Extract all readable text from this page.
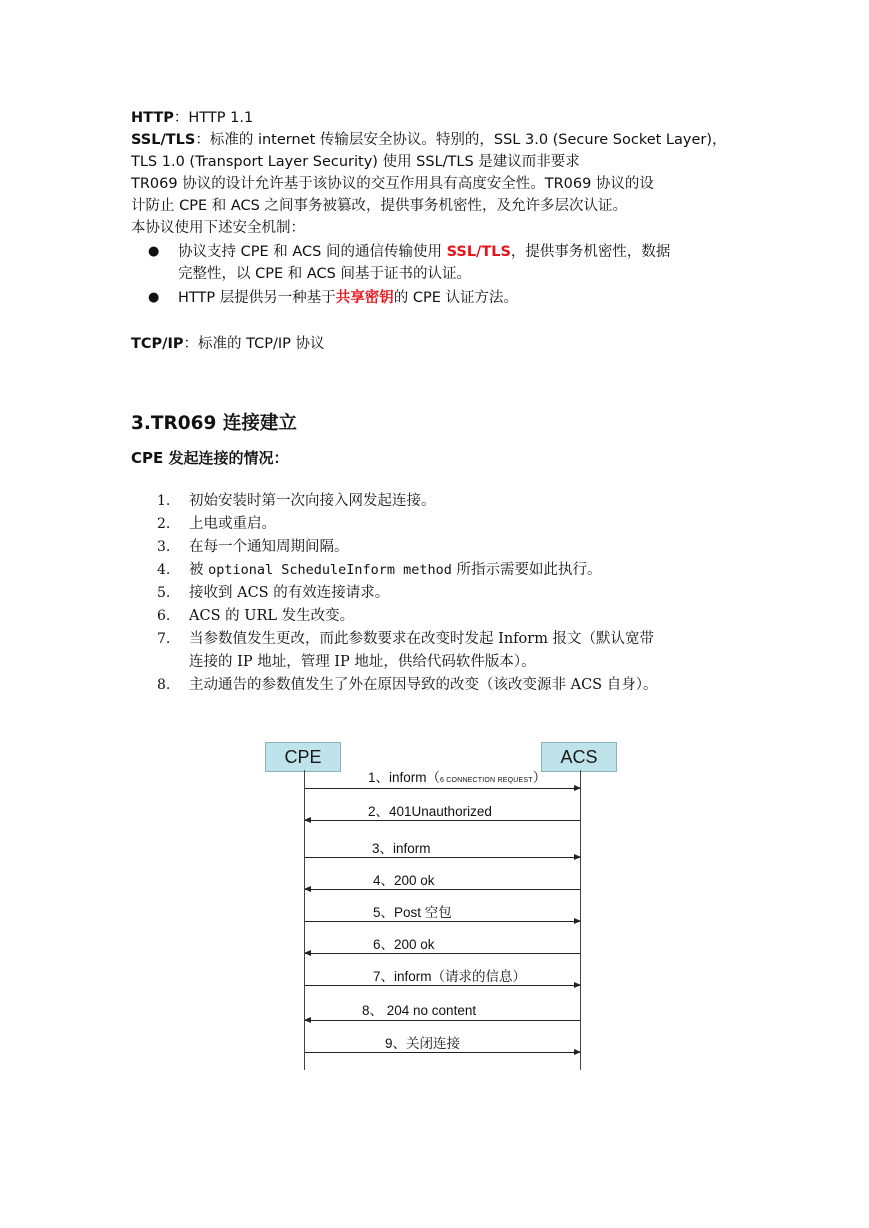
HTTP：HTTP 1.1
SSL/TLS：标准的 internet 传输层安全协议。特别的，SSL 3.0 (Secure Socket Layer)，
TLS 1.0 (Transport Layer Security) 使用 SSL/TLS 是建议而非要求
TR069 协议的设计允许基于该协议的交互作用具有高度安全性。TR069 协议的设
计防止 CPE 和 ACS 之间事务被篡改，提供事务机密性，及允许多层次认证。
本协议使用下述安全机制：
● 协议支持 CPE 和 ACS 间的通信传输使用 SSL/TLS，提供事务机密性，数据
完整性，以 CPE 和 ACS 间基于证书的认证。
● HTTP 层提供另一种基于共享密钥的 CPE 认证方法。
TCP/IP：标准的 TCP/IP 协议
3.TR069 连接建立
CPE 发起连接的情况：
1. 初始安装时第一次向接入网发起连接。
2. 上电或重启。
3. 在每一个通知周期间隔。
4. 被 optional ScheduleInform method 所指示需要如此执行。
5. 接收到 ACS 的有效连接请求。
6. ACS 的 URL 发生改变。
7. 当参数值发生更改，而此参数要求在改变时发起 Inform 报文（默认宽带
连接的 IP 地址，管理 IP 地址，供给代码软件版本）。
8. 主动通告的参数值发生了外在原因导致的改变（该改变源非 ACS 自身）。
CPE	ACS
1、inform（6 CONNECTION REQUEST）
2、401Unauthorized
3、inform
4、200 ok
5、Post 空包
6、200 ok
7、inform（请求的信息）
8、 204 no content
9、关闭连接
